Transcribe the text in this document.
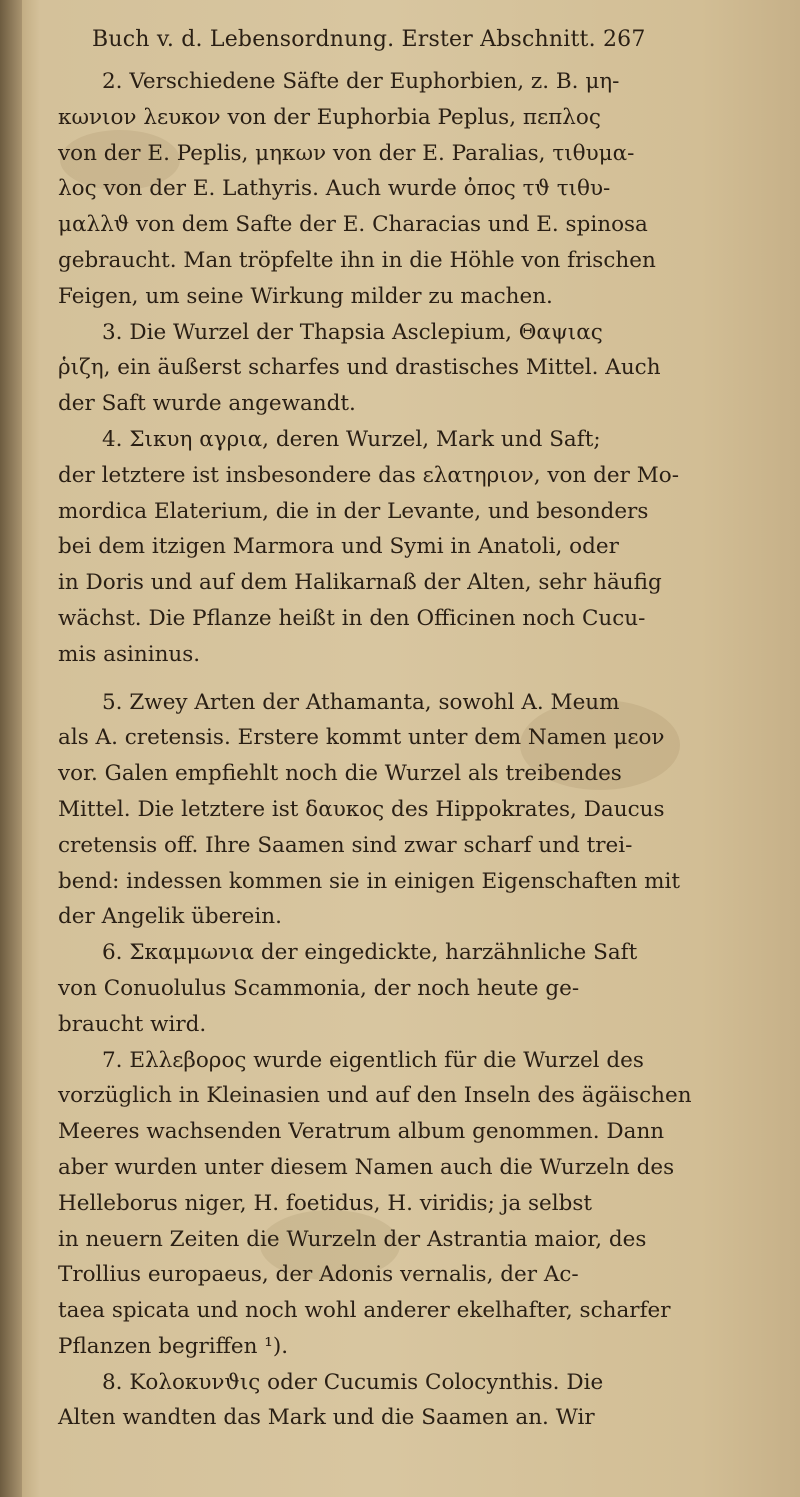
Buch v. d. Lebensordnung. Erster Abschnitt. 267

2. Verschiedene Säfte der Euphorbien, z. B. μη-

κωνιον λευκον von der Euphorbia Peplus, πεπλος

von der E. Peplis, μηκων von der E. Paralias, τιθυμα-

λος von der E. Lathyris. Auch wurde ὀπος τϑ τιθυ-

μαλλϑ von dem Safte der E. Characias und E. spinosa

gebraucht. Man tröpfelte ihn in die Höhle von frischen

Feigen, um seine Wirkung milder zu machen.

3. Die Wurzel der Thapsia Asclepium, Θαψιας

ῥιζη, ein äußerst scharfes und drastisches Mittel. Auch

der Saft wurde angewandt.

4. Σικυη αγρια, deren Wurzel, Mark und Saft;

der letztere ist insbesondere das ελατηριον, von der Mo-

mordica Elaterium, die in der Levante, und besonders

bei dem itzigen Marmora und Symi in Anatoli, oder

in Doris und auf dem Halikarnaß der Alten, sehr häufig

wächst. Die Pflanze heißt in den Officinen noch Cucu-

mis asininus.

5. Zwey Arten der Athamanta, sowohl A. Meum

als A. cretensis. Erstere kommt unter dem Namen μεον

vor. Galen empfiehlt noch die Wurzel als treibendes

Mittel. Die letztere ist δαυκος des Hippokrates, Daucus

cretensis off. Ihre Saamen sind zwar scharf und trei-

bend: indessen kommen sie in einigen Eigenschaften mit

der Angelik überein.

6. Σκαμμωνια der eingedickte, harzähnliche Saft

von Conuolulus Scammonia, der noch heute ge-

braucht wird.

7. Ελλεβορος wurde eigentlich für die Wurzel des

vorzüglich in Kleinasien und auf den Inseln des ägäischen

Meeres wachsenden Veratrum album genommen. Dann

aber wurden unter diesem Namen auch die Wurzeln des

Helleborus niger, H. foetidus, H. viridis; ja selbst

in neuern Zeiten die Wurzeln der Astrantia maior, des

Trollius europaeus, der Adonis vernalis, der Ac-

taea spicata und noch wohl anderer ekelhafter, scharfer

Pflanzen begriffen ¹).

8. Κολοκυνϑις oder Cucumis Colocynthis. Die

Alten wandten das Mark und die Saamen an. Wir
